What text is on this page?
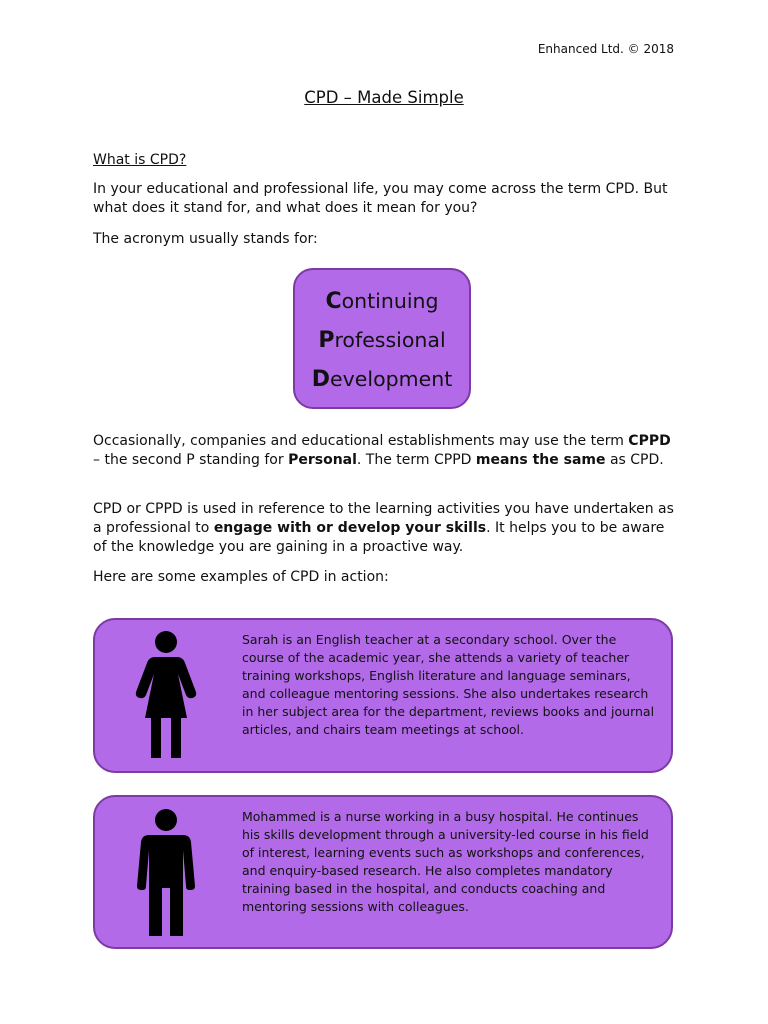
Enhanced Ltd. © 2018
CPD – Made Simple
What is CPD?

In your educational and professional life, you may come across the term CPD. But what does it stand for, and what does it mean for you?

The acronym usually stands for:

Continuing
Professional
Development

Occasionally, companies and educational establishments may use the term CPPD – the second P standing for Personal. The term CPPD means the same as CPD.

CPD or CPPD is used in reference to the learning activities you have undertaken as a professional to engage with or develop your skills. It helps you to be aware of the knowledge you are gaining in a proactive way.

Here are some examples of CPD in action:

Sarah is an English teacher at a secondary school. Over the course of the academic year, she attends a variety of teacher training workshops, English literature and language seminars, and colleague mentoring sessions. She also undertakes research in her subject area for the department, reviews books and journal articles, and chairs team meetings at school.

Mohammed is a nurse working in a busy hospital. He continues his skills development through a university-led course in his field of interest, learning events such as workshops and conferences, and enquiry-based research. He also completes mandatory training based in the hospital, and conducts coaching and mentoring sessions with colleagues.
